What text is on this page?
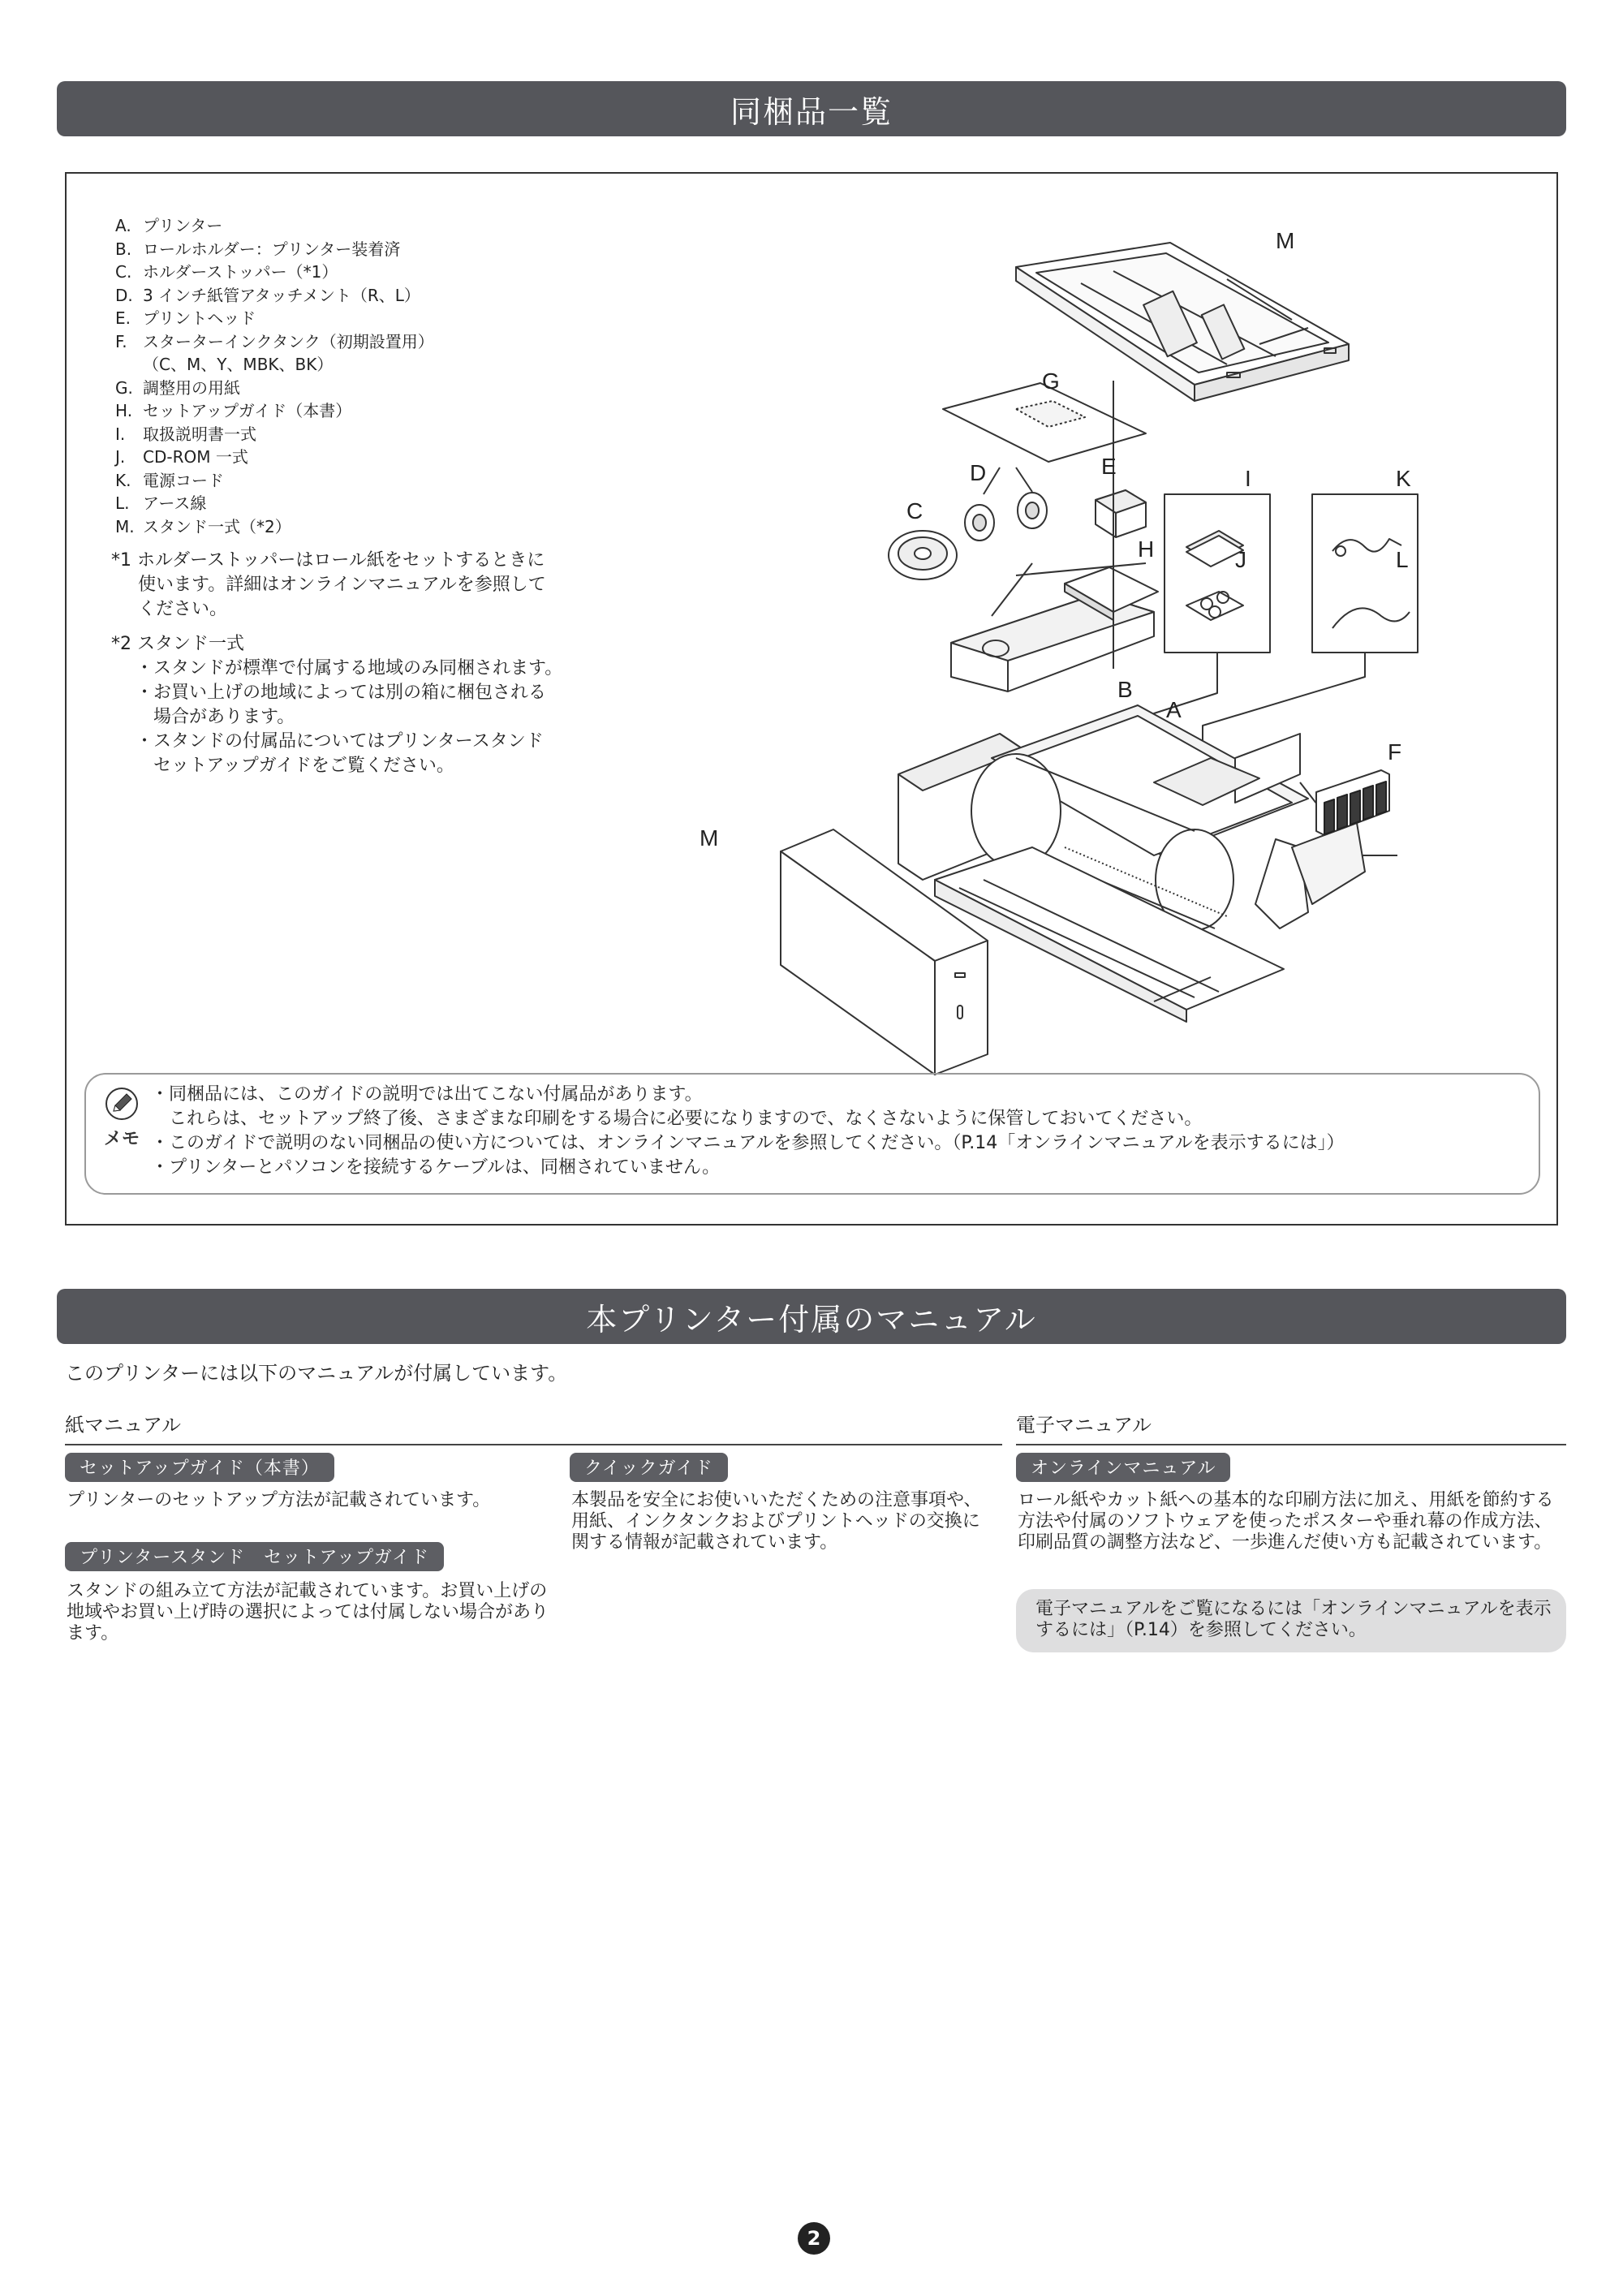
同梱品一覧
A. プリンター
B. ロールホルダー：プリンター装着済
C. ホルダーストッパー（*1）
D. 3 インチ紙管アタッチメント（R、L）
E. プリントヘッド
F. スターターインクタンク（初期設置用）
（C、M、Y、MBK、BK）
G. 調整用の用紙
H. セットアップガイド（本書）
I.	取扱説明書一式
J.	CD-ROM 一式
K. 電源コード
L. アース線
M. スタンド一式（*2）
*1 ホルダーストッパーはロール紙をセットするときに
使います。詳細はオンラインマニュアルを参照して
ください。
*2 スタンド一式
・スタンドが標準で付属する地域のみ同梱されます。
・お買い上げの地域によっては別の箱に梱包される
場合があります。
・スタンドの付属品についてはプリンタースタンド
セットアップガイドをご覧ください。
M
G
D	E
C
I	K
H	J	L
B
A
F
M
メモ
・同梱品には、このガイドの説明では出てこない付属品があります。
これらは、セットアップ終了後、さまざまな印刷をする場合に必要になりますので、なくさないように保管しておいてください。
・このガイドで説明のない同梱品の使い方については、オンラインマニュアルを参照してください。（P.14「オンラインマニュアルを表示するには」）
・プリンターとパソコンを接続するケーブルは、同梱されていません。
本プリンター付属のマニュアル
このプリンターには以下のマニュアルが付属しています。
紙マニュアル	電子マニュアル
セットアップガイド（本書）
プリンターのセットアップ方法が記載されています。
プリンタースタンド　セットアップガイド
スタンドの組み立て方法が記載されています。お買い上げの地域やお買い上げ時の選択によっては付属しない場合があります。
クイックガイド
本製品を安全にお使いいただくための注意事項や、用紙、インクタンクおよびプリントヘッドの交換に関する情報が記載されています。
オンラインマニュアル
ロール紙やカット紙への基本的な印刷方法に加え、用紙を節約する方法や付属のソフトウェアを使ったポスターや垂れ幕の作成方法、印刷品質の調整方法など、一歩進んだ使い方も記載されています。
電子マニュアルをご覧になるには「オンラインマニュアルを表示するには」（P.14）を参照してください。
2
